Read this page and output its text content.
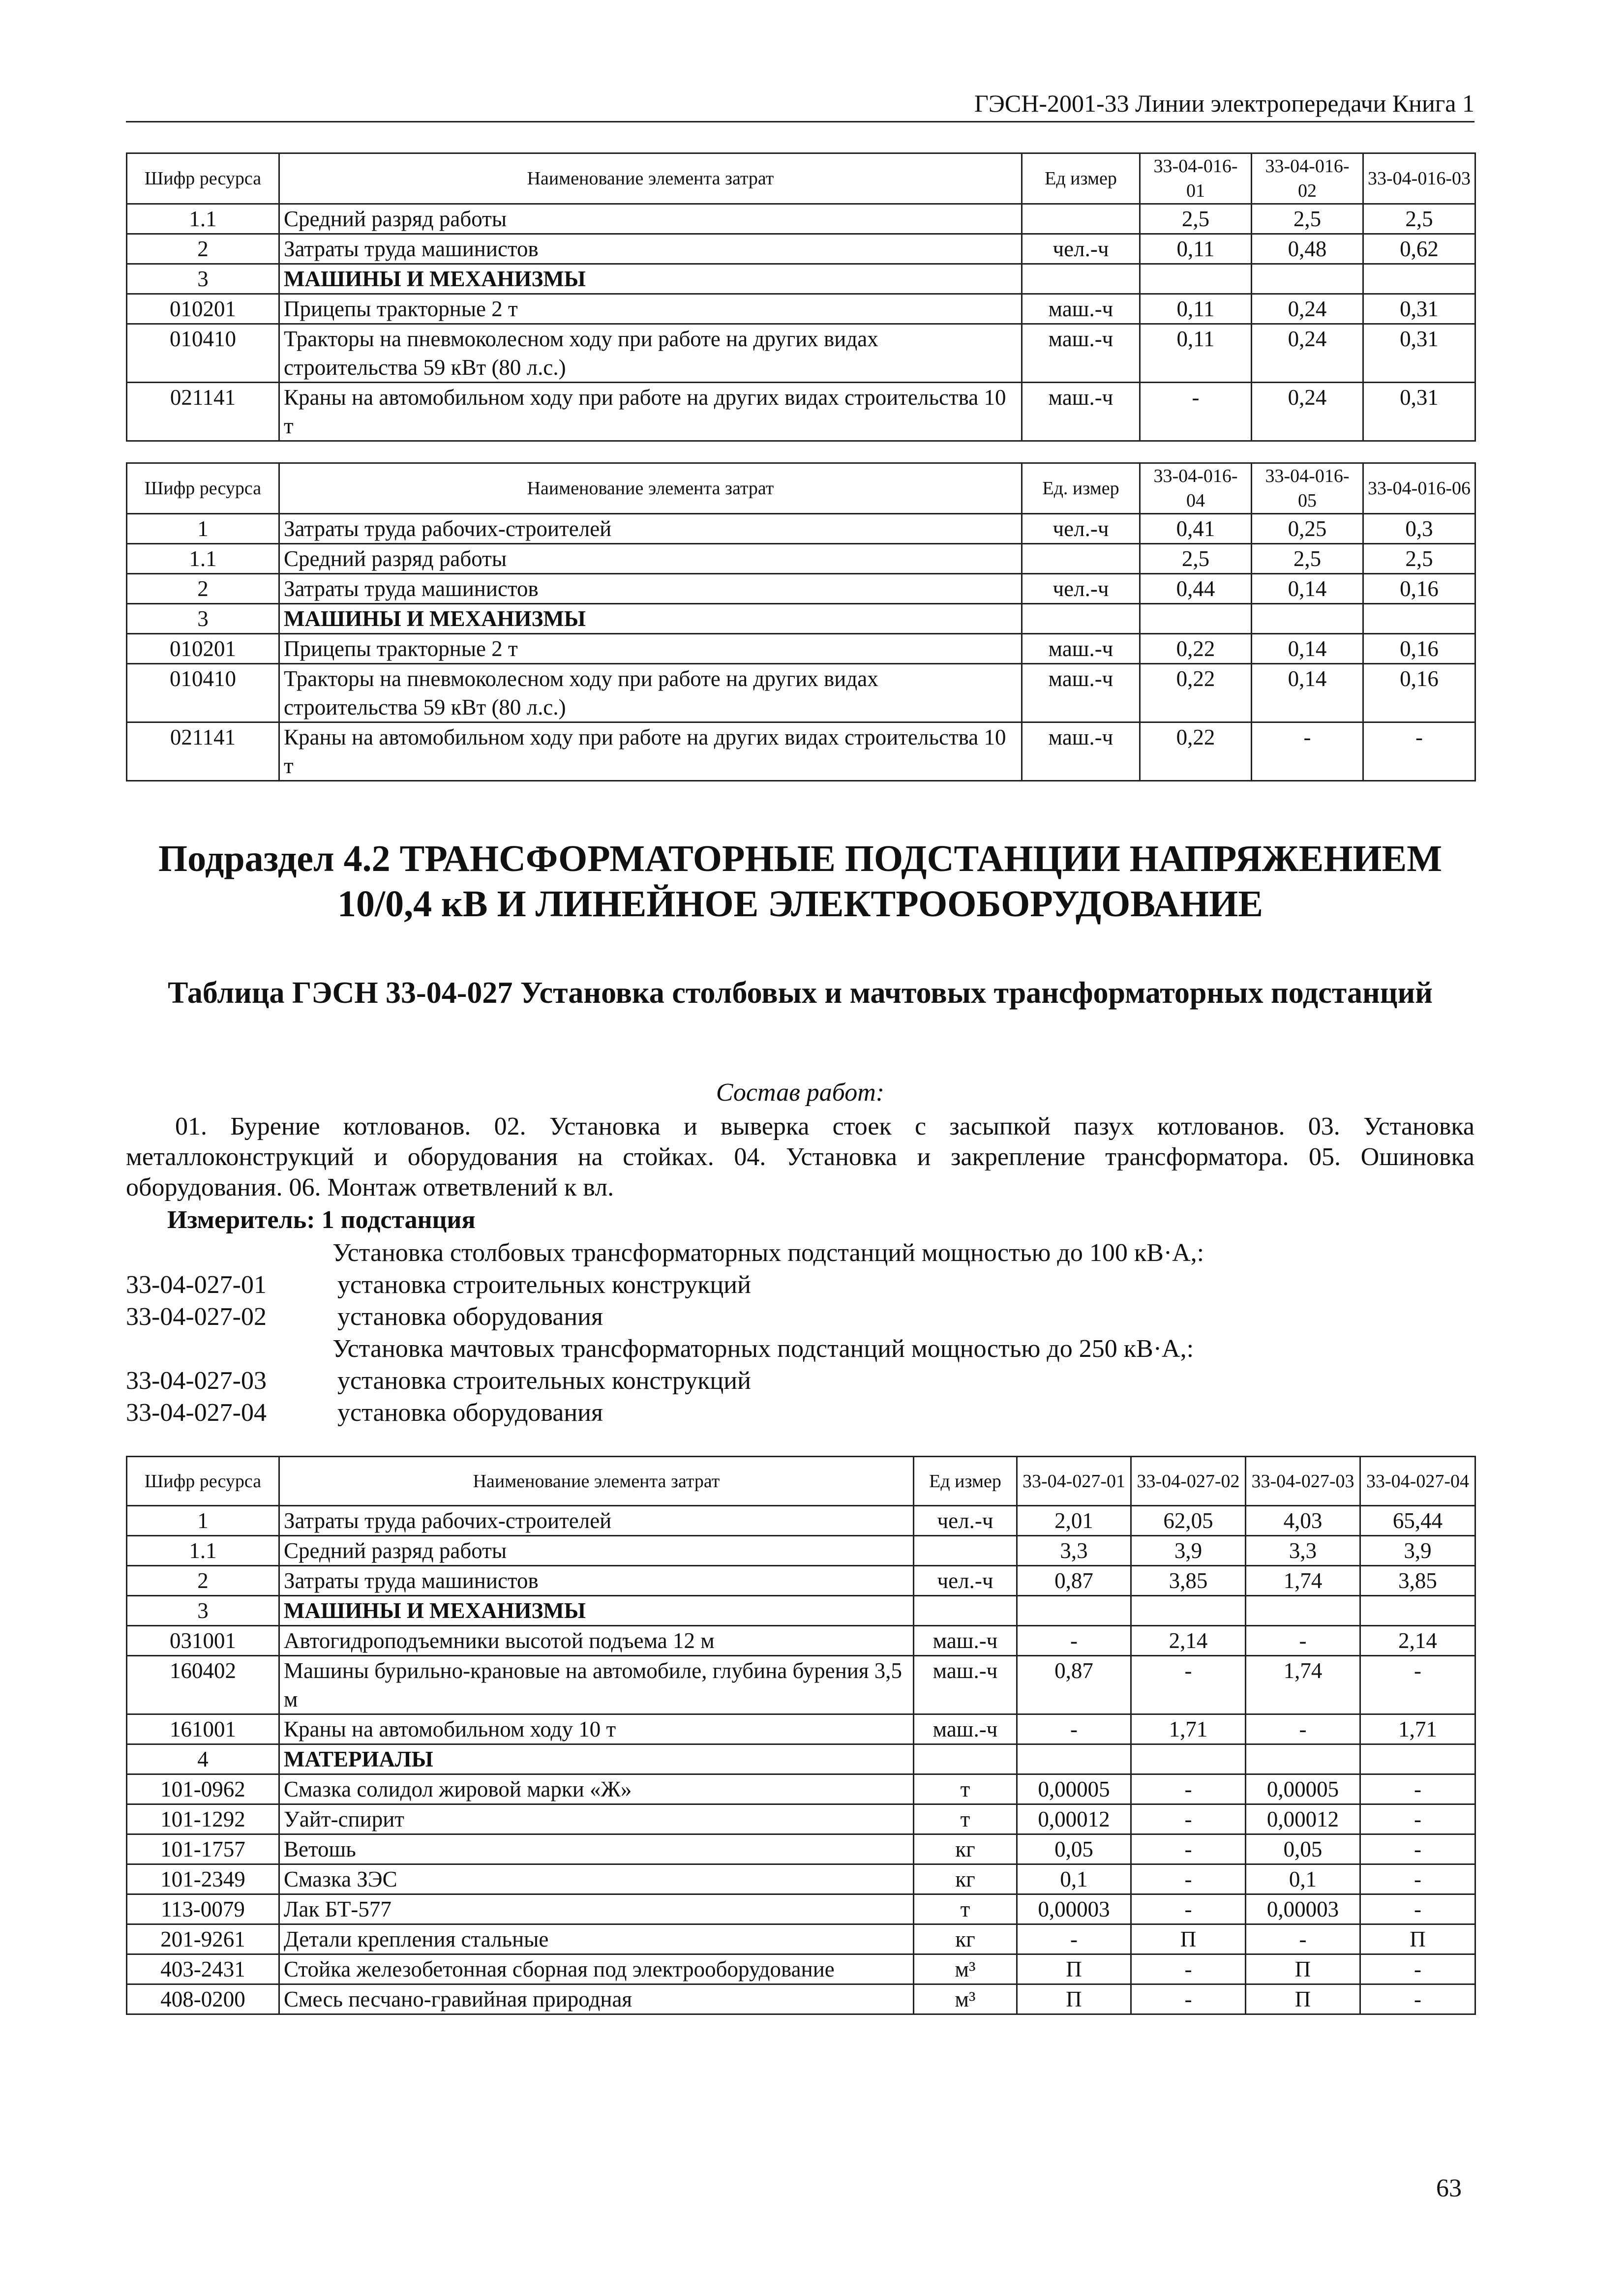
ГЭСН-2001-33 Линии электропередачи Книга 1
Шифр ресурса	Наименование элемента затрат	Ед измер	33-04-016-01	33-04-016-02	33-04-016-03
1.1	Средний разряд работы		2,5	2,5	2,5
2	Затраты труда машинистов	чел.-ч	0,11	0,48	0,62
3	МАШИНЫ И МЕХАНИЗМЫ				
010201	Прицепы тракторные 2 т	маш.-ч	0,11	0,24	0,31
010410	Тракторы на пневмоколесном ходу при работе на других видах строительства 59 кВт (80 л.с.)	маш.-ч	0,11	0,24	0,31
021141	Краны на автомобильном ходу при работе на других видах строительства 10 т	маш.-ч	-	0,24	0,31
Шифр ресурса	Наименование элемента затрат	Ед. измер	33-04-016-04	33-04-016-05	33-04-016-06
1	Затраты труда рабочих-строителей	чел.-ч	0,41	0,25	0,3
1.1	Средний разряд работы		2,5	2,5	2,5
2	Затраты труда машинистов	чел.-ч	0,44	0,14	0,16
3	МАШИНЫ И МЕХАНИЗМЫ				
010201	Прицепы тракторные 2 т	маш.-ч	0,22	0,14	0,16
010410	Тракторы на пневмоколесном ходу при работе на других видах строительства 59 кВт (80 л.с.)	маш.-ч	0,22	0,14	0,16
021141	Краны на автомобильном ходу при работе на других видах строительства 10 т	маш.-ч	0,22	-	-
Подраздел 4.2 ТРАНСФОРМАТОРНЫЕ ПОДСТАНЦИИ НАПРЯЖЕНИЕМ 10/0,4 кВ И ЛИНЕЙНОЕ ЭЛЕКТРООБОРУДОВАНИЕ
Таблица ГЭСН 33-04-027 Установка столбовых и мачтовых трансформаторных подстанций
Состав работ:
01. Бурение котлованов. 02. Установка и выверка стоек с засыпкой пазух котлованов. 03. Установка металлоконструкций и оборудования на стойках. 04. Установка и закрепление трансформатора. 05. Ошиновка оборудования. 06. Монтаж ответвлений к вл.
Измеритель: 1 подстанция
Установка столбовых трансформаторных подстанций мощностью до 100 кВ·А,:
33-04-027-01	установка строительных конструкций
33-04-027-02	установка оборудования
Установка мачтовых трансформаторных подстанций мощностью до 250 кВ·А,:
33-04-027-03	установка строительных конструкций
33-04-027-04	установка оборудования
Шифр ресурса	Наименование элемента затрат	Ед измер	33-04-027-01	33-04-027-02	33-04-027-03	33-04-027-04
1	Затраты труда рабочих-строителей	чел.-ч	2,01	62,05	4,03	65,44
1.1	Средний разряд работы		3,3	3,9	3,3	3,9
2	Затраты труда машинистов	чел.-ч	0,87	3,85	1,74	3,85
3	МАШИНЫ И МЕХАНИЗМЫ					
031001	Автогидроподъемники высотой подъема 12 м	маш.-ч	-	2,14	-	2,14
160402	Машины бурильно-крановые на автомобиле, глубина бурения 3,5 м	маш.-ч	0,87	-	1,74	-
161001	Краны на автомобильном ходу 10 т	маш.-ч	-	1,71	-	1,71
4	МАТЕРИАЛЫ					
101-0962	Смазка солидол жировой марки «Ж»	т	0,00005	-	0,00005	-
101-1292	Уайт-спирит	т	0,00012	-	0,00012	-
101-1757	Ветошь	кг	0,05	-	0,05	-
101-2349	Смазка ЗЭС	кг	0,1	-	0,1	-
113-0079	Лак БТ-577	т	0,00003	-	0,00003	-
201-9261	Детали крепления стальные	кг	-	П	-	П
403-2431	Стойка железобетонная сборная под электрооборудование	м³	П	-	П	-
408-0200	Смесь песчано-гравийная природная	м³	П	-	П	-
63
